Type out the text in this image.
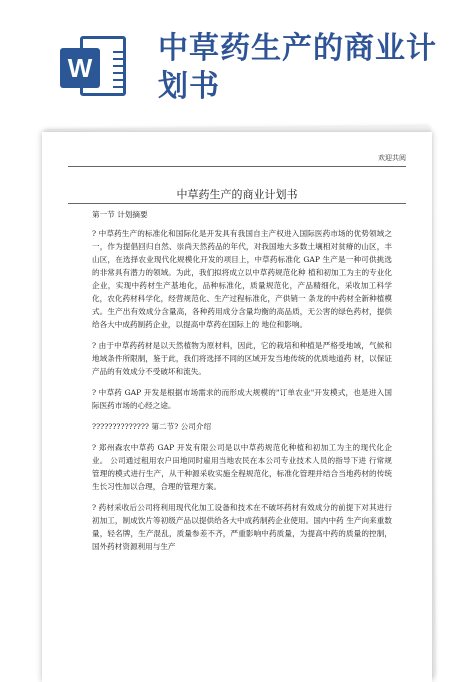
W
中草药生产的商业计划书
欢迎共阅
中草药生产的商业计划书

第一节 计划摘要

? 中草药生产的标准化和国际化是开发具有我国自主产权进入国际医药市场的优势领域之一，作为提倡回归自然、崇尚天然药品的年代，对我国地大多数土壤相对贫瘠的山区，丰山区，在选择农业现代化规模化开发的项目上，中草药标准化 GAP 生产是一种可供挑选的非常具有潜力的领域。为此，我们拟将成立以中草药规范化种 植和初加工为主的专业化企业，实现中药材生产基地化，品种标准化，质量规范化，产品精细化，采收加工科学化，农化药材科学化，经营规范化、生产过程标准化，产供销一 条龙的中药材全新种植模式。生产出有效成分含量高，各种药用成分含量均衡的高品质，无公害的绿色药材，提供给各大中成药制药企业，以提高中草药在国际上的 地位和影响。

? 由于中草药药材是以天然植物为原材料，因此，它的栽培和种植是严格受地域，气候和地域条件所限制，鉴于此，我们将选择不同的区域开发当地传统的优质地道药 材，以保证产品的有效成分不受破坏和流失。

? 中草药 GAP 开发是根据市场需求的而形成大规模的"订单农业"开发模式，也是进入国际医药市场的心经之途。

?????????????? 第二节? 公司介绍

? 郑州森农中草药 GAP 开发有限公司是以中草药规范化种植和初加工为主的现代化企业。 公司通过租用农户田地同时雇用当地农民在本公司专业技术人员的指导下进 行常规管理的模式进行生产，从干种源采收实施全程规范化，标准化管理并结合当地药材的传统生长习性加以合理，合理的管理方案。

? 药材采收后公司将利用现代化加工设备和技术在不破坏药材有效成分的前提下对其进行初加工，制成饮片等初级产品以提供给各大中成药制药企业使用。国内中药 生产向来重数量，轻名牌，生产混乱，质量参差不齐，严重影响中药质量，为提高中药的质量的控制，国外药材资源利用与生产
